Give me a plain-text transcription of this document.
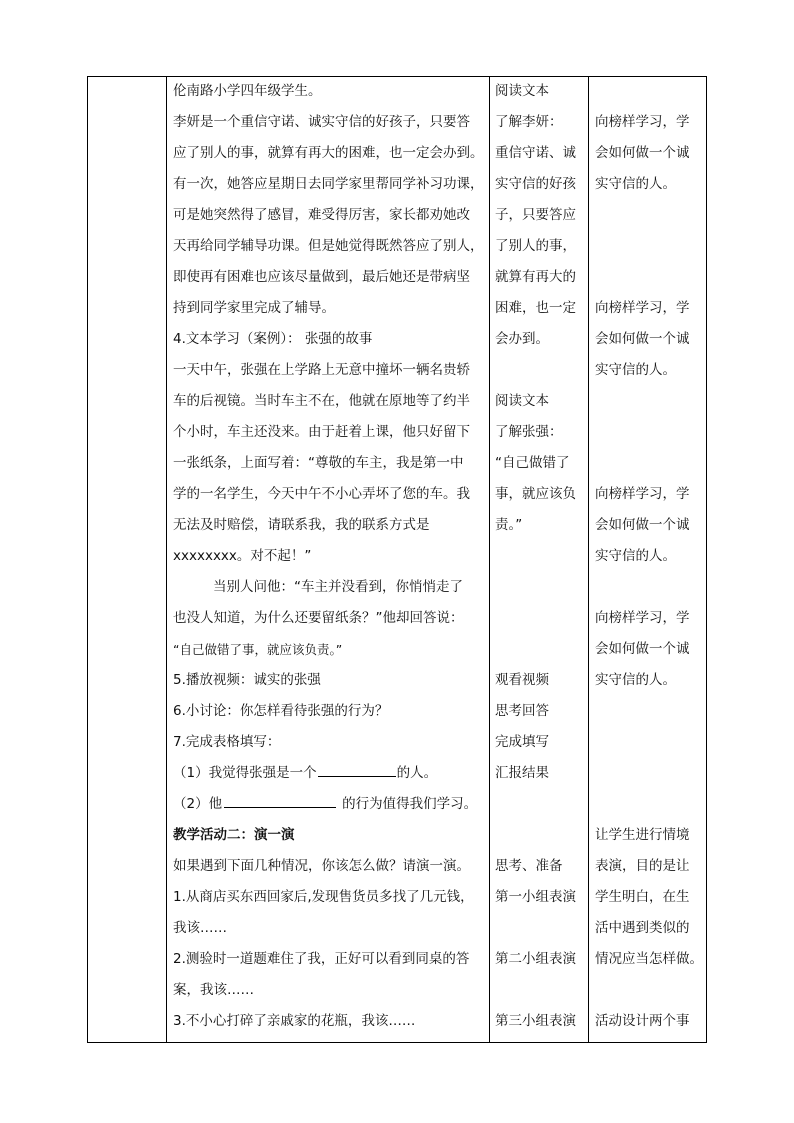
伦南路小学四年级学生。

李妍是一个重信守诺、诚实守信的好孩子，只要答

应了别人的事，就算有再大的困难，也一定会办到。

有一次，她答应星期日去同学家里帮同学补习功课，

可是她突然得了感冒，难受得厉害，家长都劝她改

天再给同学辅导功课。但是她觉得既然答应了别人，

即使再有困难也应该尽量做到，最后她还是带病坚

持到同学家里完成了辅导。

4.文本学习（案例）： 张强的故事

一天中午，张强在上学路上无意中撞坏一辆名贵轿

车的后视镜。当时车主不在，他就在原地等了约半

个小时，车主还没来。由于赶着上课，他只好留下

一张纸条，上面写着：“尊敬的车主，我是第一中

学的一名学生，今天中午不小心弄坏了您的车。我

无法及时赔偿，请联系我，我的联系方式是

xxxxxxxx。对不起！”

当别人问他：“车主并没看到，你悄悄走了

也没人知道，为什么还要留纸条？”他却回答说：

“自己做错了事，就应该负责。”

5.播放视频：诚实的张强

6.小讨论：你怎样看待张强的行为？

7.完成表格填写：

（1）我觉得张强是一个	的人。

（2）他	的行为值得我们学习。

教学活动二：演一演

如果遇到下面几种情况，你该怎么做？请演一演。

1.从商店买东西回家后,发现售货员多找了几元钱，

我该……

2.测验时一道题难住了我，正好可以看到同桌的答

案，我该……

3.不小心打碎了亲戚家的花瓶，我该……

阅读文本

了解李妍：

重信守诺、诚

实守信的好孩

子，只要答应

了别人的事，

就算有再大的

困难，也一定

会办到。

阅读文本

了解张强：

“自己做错了

事，就应该负

责。”

观看视频

思考回答

完成填写

汇报结果

思考、准备

第一小组表演

第二小组表演

第三小组表演

向榜样学习，学

会如何做一个诚

实守信的人。

向榜样学习，学

会如何做一个诚

实守信的人。

向榜样学习，学

会如何做一个诚

实守信的人。

向榜样学习，学

会如何做一个诚

实守信的人。

让学生进行情境

表演，目的是让

学生明白，在生

活中遇到类似的

情况应当怎样做。

活动设计两个事
